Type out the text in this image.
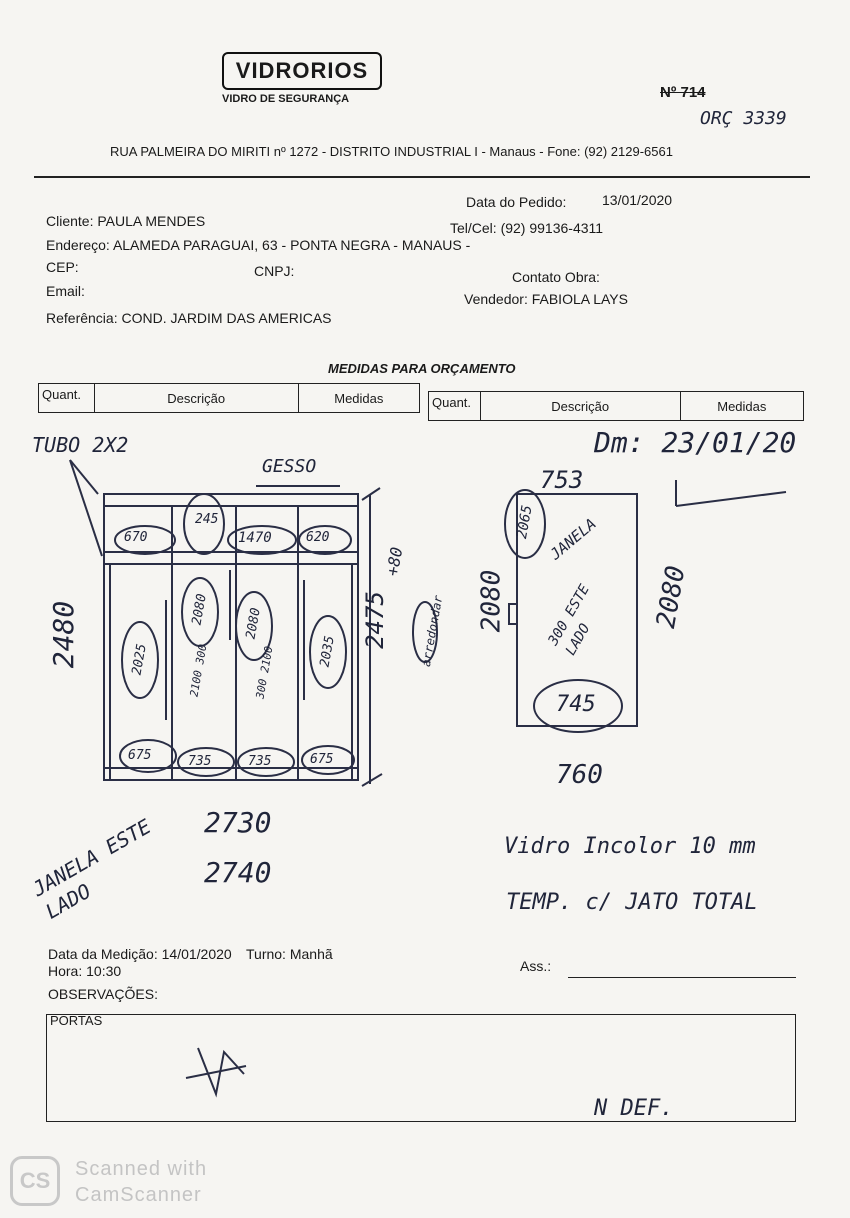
VIDRORIOS
VIDRO DE SEGURANÇA	Nº 714
ORÇ 3339
RUA PALMEIRA DO MIRITI nº 1272 - DISTRITO INDUSTRIAL I - Manaus - Fone: (92) 2129-6561
Data do Pedido:	13/01/2020
Cliente: PAULA MENDES	Tel/Cel: (92) 99136-4311
Endereço: ALAMEDA PARAGUAI, 63 - PONTA NEGRA - MANAUS -
CEP:	CNPJ:	Contato Obra:
Email:	Vendedor: FABIOLA LAYS
Referência: COND. JARDIM DAS AMERICAS
MEDIDAS PARA ORÇAMENTO
Quant.	Descrição	Medidas	Quant.	Descrição	Medidas
TUBO 2X2
GESSO
Dm: 23/01/20
670
245
1470	620
2025
2080	2080
2035
2100 300	300 2100
675	735	735	675
2480	2475
+80
arredondar
JANELA ESTE LADO
2730
2740
753
2065 JANELA
300 ESTE LADO
2080	2080
745
760
Vidro Incolor 10 mm
TEMP. c/ JATO TOTAL
Data da Medição: 14/01/2020 Turno: Manhã
Hora: 10:30	Ass.:
OBSERVAÇÕES:
PORTAS
N DEF.
CS	Scanned with
CamScanner
